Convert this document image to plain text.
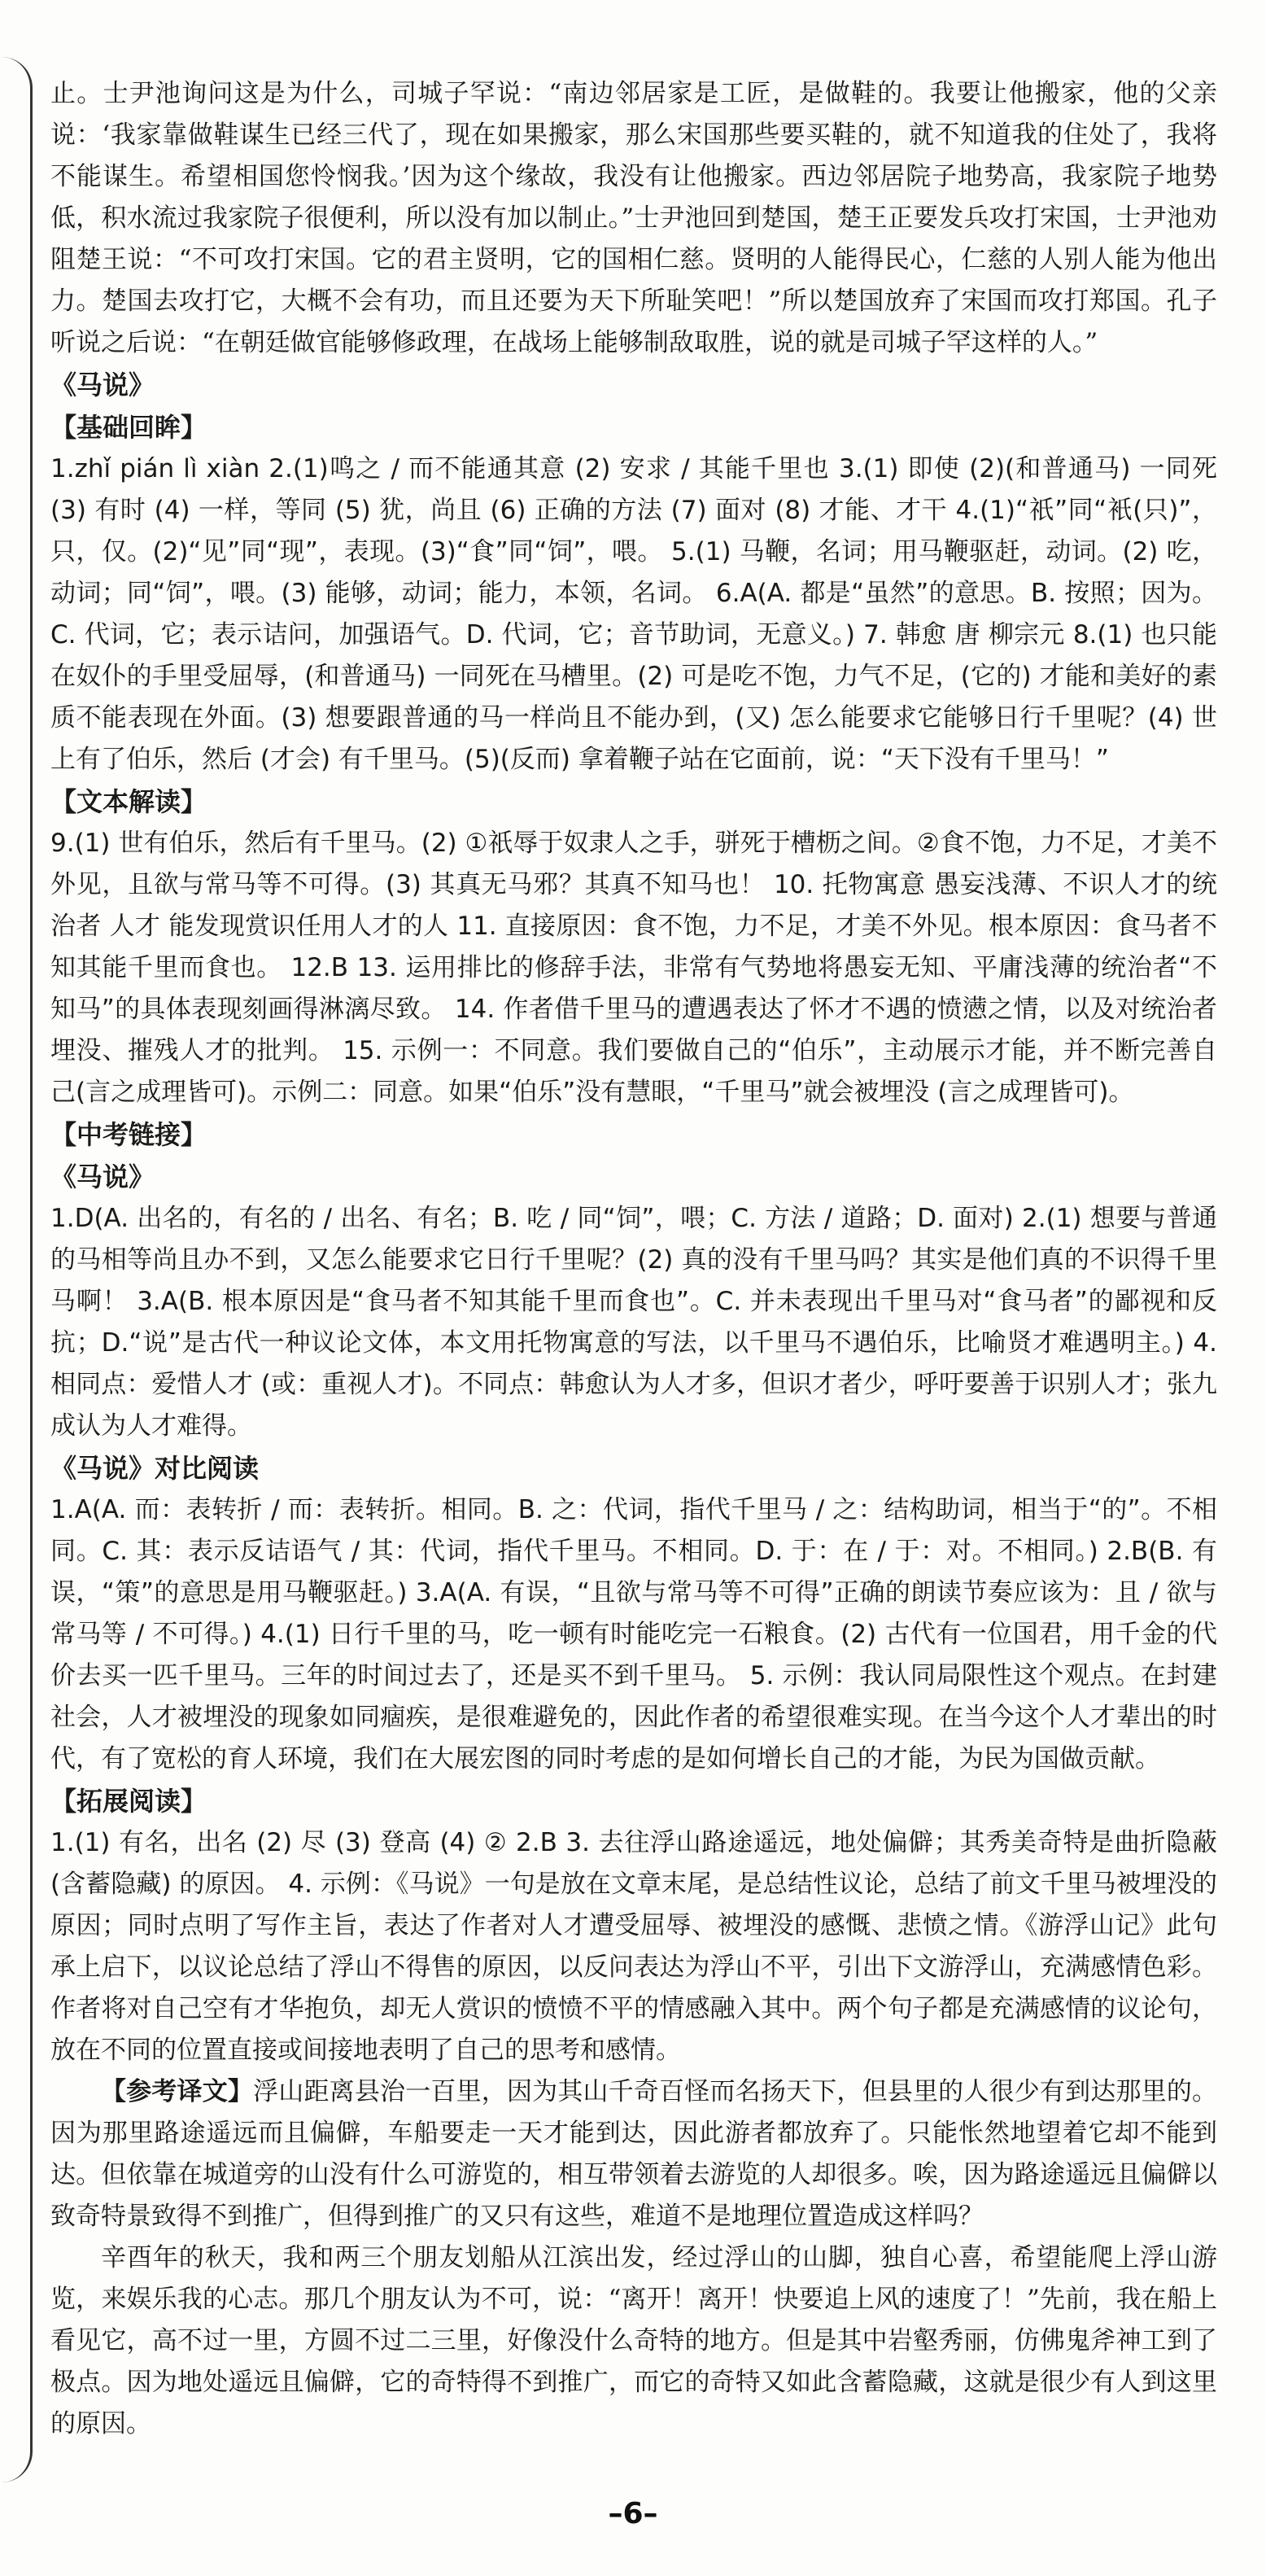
止。士尹池询问这是为什么，司城子罕说：“南边邻居家是工匠，是做鞋的。我要让他搬家，他的父亲说：‘我家靠做鞋谋生已经三代了，现在如果搬家，那么宋国那些要买鞋的，就不知道我的住处了，我将不能谋生。希望相国您怜悯我。’因为这个缘故，我没有让他搬家。西边邻居院子地势高，我家院子地势低，积水流过我家院子很便利，所以没有加以制止。”士尹池回到楚国，楚王正要发兵攻打宋国，士尹池劝阻楚王说：“不可攻打宋国。它的君主贤明，它的国相仁慈。贤明的人能得民心，仁慈的人别人能为他出力。楚国去攻打它，大概不会有功，而且还要为天下所耻笑吧！”所以楚国放弃了宋国而攻打郑国。孔子听说之后说：“在朝廷做官能够修政理，在战场上能够制敌取胜，说的就是司城子罕这样的人。”

《马说》

【基础回眸】

1.zhǐ pián lì xiàn 2.(1)鸣之 / 而不能通其意 (2) 安求 / 其能千里也 3.(1) 即使 (2)(和普通马) 一同死 (3) 有时 (4) 一样，等同 (5) 犹，尚且 (6) 正确的方法 (7) 面对 (8) 才能、才干 4.(1)“祇”同“衹(只)”，只，仅。(2)“见”同“现”，表现。(3)“食”同“饲”，喂。 5.(1) 马鞭，名词；用马鞭驱赶，动词。(2) 吃，动词；同“饲”，喂。(3) 能够，动词；能力，本领，名词。 6.A(A. 都是“虽然”的意思。B. 按照；因为。C. 代词，它；表示诘问，加强语气。D. 代词，它；音节助词，无意义。) 7. 韩愈 唐 柳宗元 8.(1) 也只能在奴仆的手里受屈辱，(和普通马) 一同死在马槽里。(2) 可是吃不饱，力气不足，(它的) 才能和美好的素质不能表现在外面。(3) 想要跟普通的马一样尚且不能办到，(又) 怎么能要求它能够日行千里呢？(4) 世上有了伯乐，然后 (才会) 有千里马。(5)(反而) 拿着鞭子站在它面前，说：“天下没有千里马！”

【文本解读】

9.(1) 世有伯乐，然后有千里马。(2) ①祇辱于奴隶人之手，骈死于槽枥之间。②食不饱，力不足，才美不外见，且欲与常马等不可得。(3) 其真无马邪？其真不知马也！ 10. 托物寓意 愚妄浅薄、不识人才的统治者 人才 能发现赏识任用人才的人 11. 直接原因：食不饱，力不足，才美不外见。根本原因：食马者不知其能千里而食也。 12.B 13. 运用排比的修辞手法，非常有气势地将愚妄无知、平庸浅薄的统治者“不知马”的具体表现刻画得淋漓尽致。 14. 作者借千里马的遭遇表达了怀才不遇的愤懑之情，以及对统治者埋没、摧残人才的批判。 15. 示例一：不同意。我们要做自己的“伯乐”，主动展示才能，并不断完善自己(言之成理皆可)。示例二：同意。如果“伯乐”没有慧眼，“千里马”就会被埋没 (言之成理皆可)。

【中考链接】

《马说》

1.D(A. 出名的，有名的 / 出名、有名；B. 吃 / 同“饲”，喂；C. 方法 / 道路；D. 面对) 2.(1) 想要与普通的马相等尚且办不到，又怎么能要求它日行千里呢？(2) 真的没有千里马吗？其实是他们真的不识得千里马啊！ 3.A(B. 根本原因是“食马者不知其能千里而食也”。C. 并未表现出千里马对“食马者”的鄙视和反抗；D.“说”是古代一种议论文体，本文用托物寓意的写法，以千里马不遇伯乐，比喻贤才难遇明主。) 4. 相同点：爱惜人才 (或：重视人才)。不同点：韩愈认为人才多，但识才者少，呼吁要善于识别人才；张九成认为人才难得。

《马说》对比阅读

1.A(A. 而：表转折 / 而：表转折。相同。B. 之：代词，指代千里马 / 之：结构助词，相当于“的”。不相同。C. 其：表示反诘语气 / 其：代词，指代千里马。不相同。D. 于：在 / 于：对。不相同。) 2.B(B. 有误，“策”的意思是用马鞭驱赶。) 3.A(A. 有误，“且欲与常马等不可得”正确的朗读节奏应该为：且 / 欲与常马等 / 不可得。) 4.(1) 日行千里的马，吃一顿有时能吃完一石粮食。(2) 古代有一位国君，用千金的代价去买一匹千里马。三年的时间过去了，还是买不到千里马。 5. 示例：我认同局限性这个观点。在封建社会，人才被埋没的现象如同痼疾，是很难避免的，因此作者的希望很难实现。在当今这个人才辈出的时代，有了宽松的育人环境，我们在大展宏图的同时考虑的是如何增长自己的才能，为民为国做贡献。

【拓展阅读】

1.(1) 有名，出名 (2) 尽 (3) 登高 (4) ② 2.B 3. 去往浮山路途遥远，地处偏僻；其秀美奇特是曲折隐蔽 (含蓄隐藏) 的原因。 4. 示例：《马说》一句是放在文章末尾，是总结性议论，总结了前文千里马被埋没的原因；同时点明了写作主旨，表达了作者对人才遭受屈辱、被埋没的感慨、悲愤之情。《游浮山记》此句承上启下，以议论总结了浮山不得售的原因，以反问表达为浮山不平，引出下文游浮山，充满感情色彩。作者将对自己空有才华抱负，却无人赏识的愤愤不平的情感融入其中。两个句子都是充满感情的议论句，放在不同的位置直接或间接地表明了自己的思考和感情。

【参考译文】浮山距离县治一百里，因为其山千奇百怪而名扬天下，但县里的人很少有到达那里的。因为那里路途遥远而且偏僻，车船要走一天才能到达，因此游者都放弃了。只能怅然地望着它却不能到达。但依靠在城道旁的山没有什么可游览的，相互带领着去游览的人却很多。唉，因为路途遥远且偏僻以致奇特景致得不到推广，但得到推广的又只有这些，难道不是地理位置造成这样吗？

辛酉年的秋天，我和两三个朋友划船从江滨出发，经过浮山的山脚，独自心喜，希望能爬上浮山游览，来娱乐我的心志。那几个朋友认为不可，说：“离开！离开！快要追上风的速度了！”先前，我在船上看见它，高不过一里，方圆不过二三里，好像没什么奇特的地方。但是其中岩壑秀丽，仿佛鬼斧神工到了极点。因为地处遥远且偏僻，它的奇特得不到推广，而它的奇特又如此含蓄隐藏，这就是很少有人到这里的原因。

–6–
